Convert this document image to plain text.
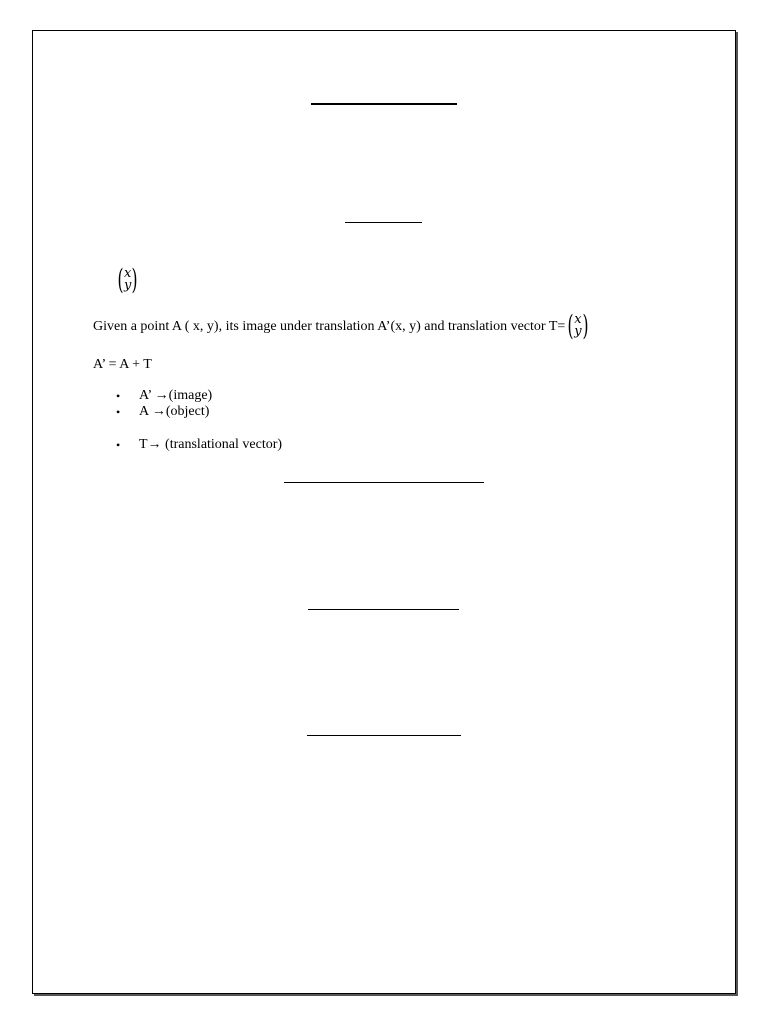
( x
y )
Given a point A ( x, y), its image under translation A’(x, y) and translation vector T= ( x
y )
A’ = A + T
•	A’ →(image)
•	A →(object)
•	T→ (translational vector)
